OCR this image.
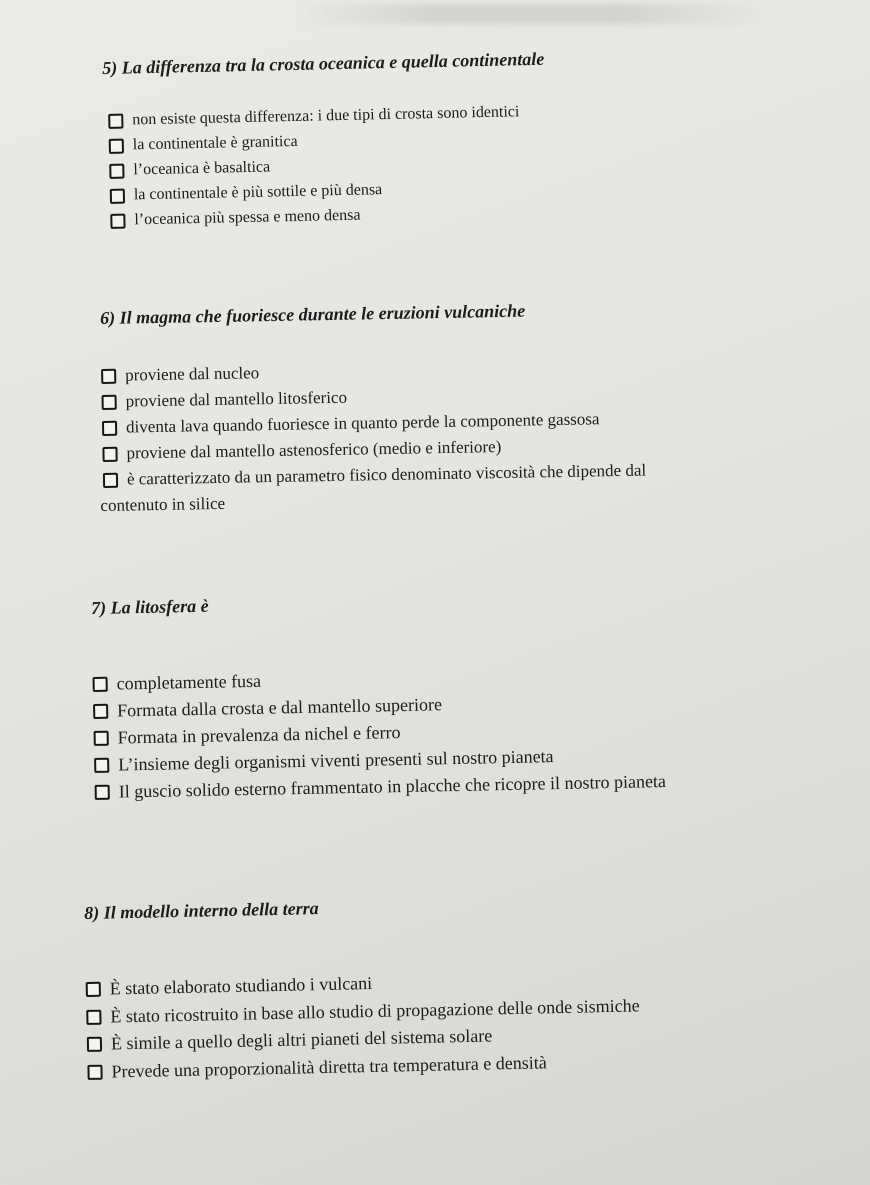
5) La differenza tra la crosta oceanica e quella continentale
non esiste questa differenza: i due tipi di crosta sono identici
la continentale è granitica
l’oceanica è basaltica
la continentale è più sottile e più densa
l’oceanica più spessa e meno densa
6) Il magma che fuoriesce durante le eruzioni vulcaniche
proviene dal nucleo
proviene dal mantello litosferico
diventa lava quando fuoriesce in quanto perde la componente gassosa
proviene dal mantello astenosferico (medio e inferiore)
è caratterizzato da un parametro fisico denominato viscosità che dipende dal
contenuto in silice
7) La litosfera è
completamente fusa
Formata dalla crosta e dal mantello superiore
Formata in prevalenza da nichel e ferro
L’insieme degli organismi viventi presenti sul nostro pianeta
Il guscio solido esterno frammentato in placche che ricopre il nostro pianeta
8) Il modello interno della terra
È stato elaborato studiando i vulcani
È stato ricostruito in base allo studio di propagazione delle onde sismiche
È simile a quello degli altri pianeti del sistema solare
Prevede una proporzionalità diretta tra temperatura e densità
